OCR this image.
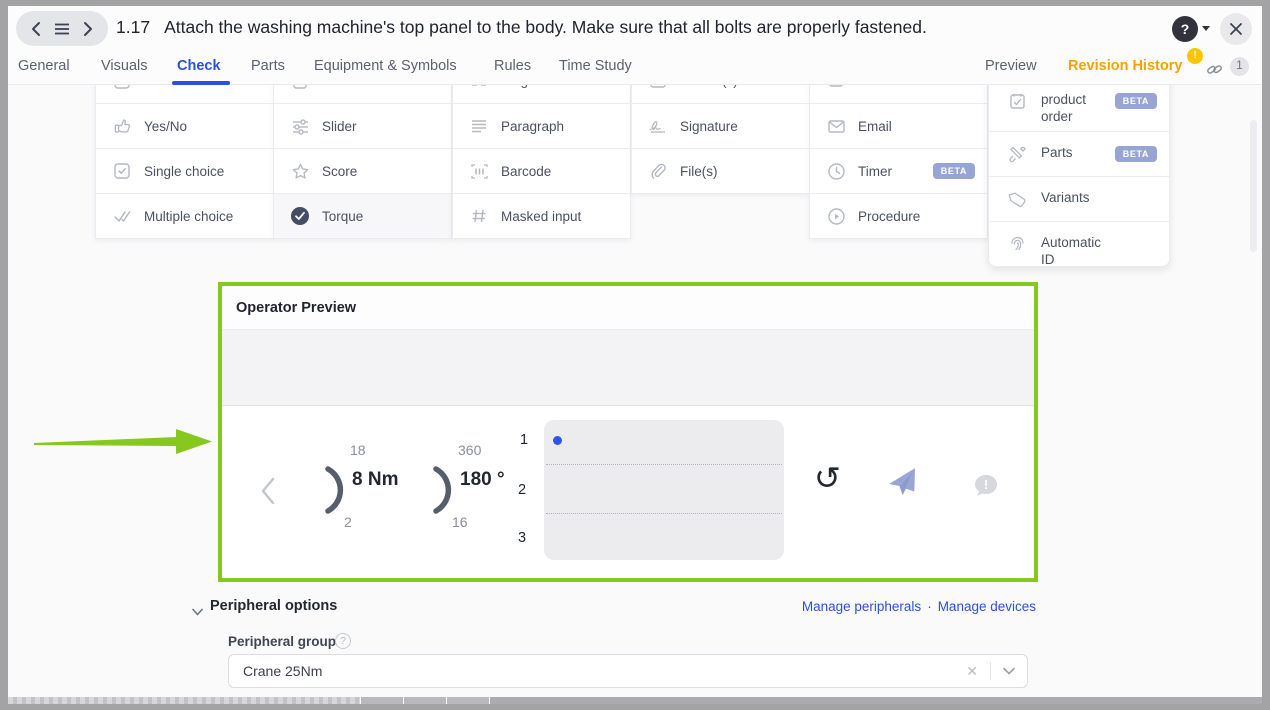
Yes/No
Single choice
Multiple choice
Slider
Score
Torque
Paragraph
Barcode
Masked input
Signature
File(s)
Email
Timer	BETA
Procedure
product order
BETA
Parts	BETA
Variants
Automatic ID
Operator Preview
18
8 Nm
2
360
180 °
16
1
2
3
↺	!
Peripheral options	Manage peripherals · Manage devices
Peripheral group ?
Crane 25Nm	✕
1.17 Attach the washing machine's top panel to the body. Make sure that all bolts are properly fastened.	?
General Visuals Check Parts Equipment & Symbols	Rules Time Study	Preview Revision History
!
1
